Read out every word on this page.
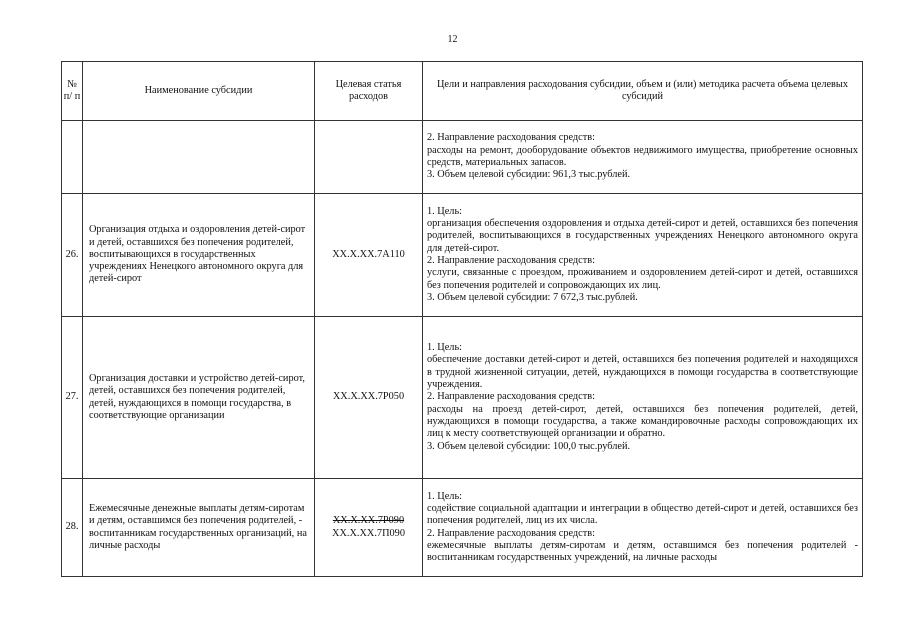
12
№ п/ п	Наименование субсидии	Целевая статья расходов	Цели и направления расходования субсидии, объем и (или) методика расчета объема целевых субсидий

			2. Направление расходования средств:
расходы на ремонт, дооборудование объектов недвижимого имущества, приобретение основных средств, материальных запасов.
3. Объем целевой субсидии: 961,3 тыс.рублей.

26.	Организация отдыха и оздоровления детей-сирот и детей, оставшихся без попечения родителей, воспитывающихся в государственных учреждениях Ненецкого автономного округа для детей-сирот	XX.X.XX.7А110	1. Цель:
организация обеспечения оздоровления и отдыха детей-сирот и детей, оставшихся без попечения родителей, воспитывающихся в государственных учреждениях Ненецкого автономного округа для детей-сирот.
2. Направление расходования средств:
услуги, связанные с проездом, проживанием и оздоровлением детей-сирот и детей, оставшихся без попечения родителей и сопровождающих их лиц.
3. Объем целевой субсидии: 7 672,3 тыс.рублей.

27.	Организация доставки и устройство детей-сирот, детей, оставшихся без попечения родителей, детей, нуждающихся в помощи государства, в соответствующие организации	XX.X.XX.7Р050	1. Цель:
обеспечение доставки детей-сирот и детей, оставшихся без попечения родителей и находящихся в трудной жизненной ситуации, детей, нуждающихся в помощи государства в соответствующие учреждения.
2. Направление расходования средств:
расходы на проезд детей-сирот, детей, оставшихся без попечения родителей, детей, нуждающихся в помощи государства, а также командировочные расходы сопровождающих их лиц к месту соответствующей организации и обратно.
3. Объем целевой субсидии: 100,0 тыс.рублей.

28.	Ежемесячные денежные выплаты детям-сиротам и детям, оставшимся без попечения родителей, - воспитанникам государственных организаций, на личные расходы	XX.X.XX.7Р090
XX.X.XX.7П090	1. Цель:
содействие социальной адаптации и интеграции в общество детей-сирот и детей, оставшихся без попечения родителей, лиц из их числа.
2. Направление расходования средств:
ежемесячные выплаты детям-сиротам и детям, оставшимся без попечения родителей - воспитанникам государственных учреждений, на личные расходы
